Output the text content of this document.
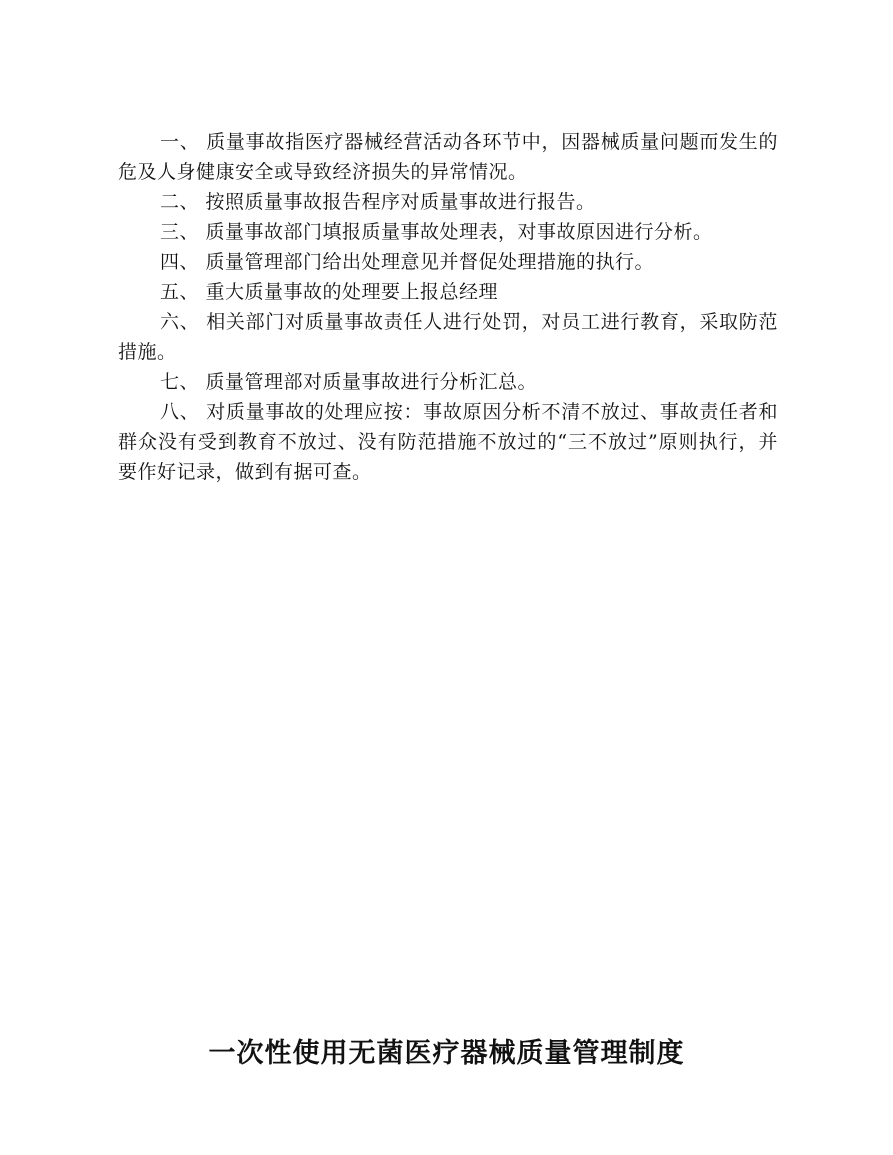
一、 质量事故指医疗器械经营活动各环节中，因器械质量问题而发生的危及人身健康安全或导致经济损失的异常情况。

二、 按照质量事故报告程序对质量事故进行报告。

三、 质量事故部门填报质量事故处理表，对事故原因进行分析。

四、 质量管理部门给出处理意见并督促处理措施的执行。

五、 重大质量事故的处理要上报总经理

六、 相关部门对质量事故责任人进行处罚，对员工进行教育，采取防范措施。

七、 质量管理部对质量事故进行分析汇总。

八、 对质量事故的处理应按：事故原因分析不清不放过、事故责任者和群众没有受到教育不放过、没有防范措施不放过的“三不放过”原则执行，并要作好记录，做到有据可查。

一次性使用无菌医疗器械质量管理制度
